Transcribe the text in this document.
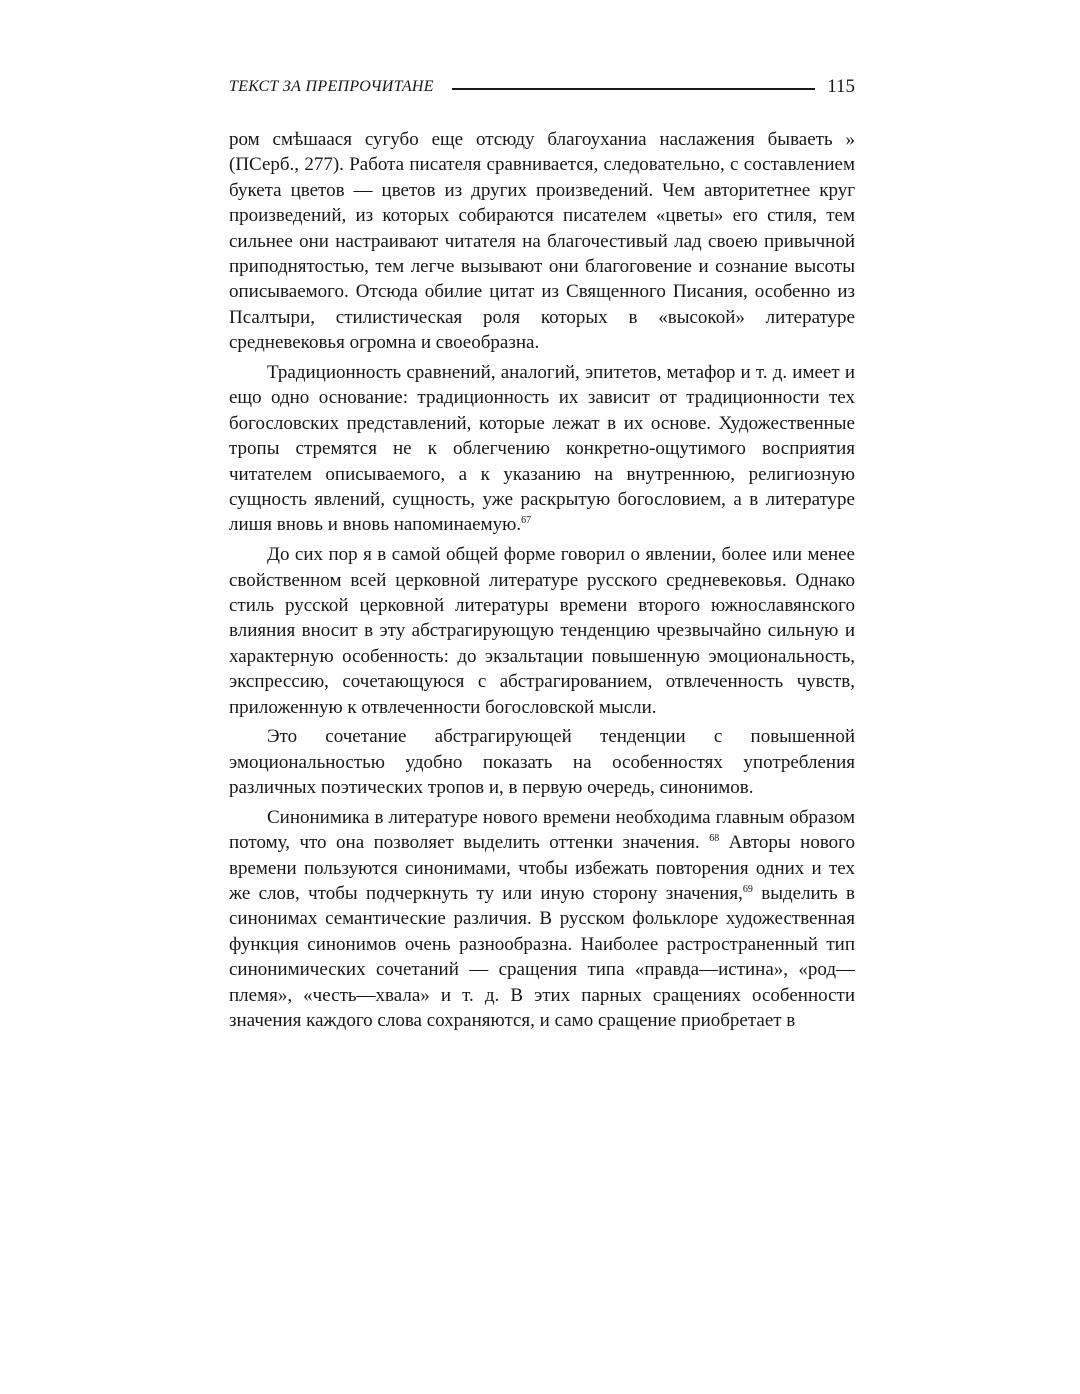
ТЕКСТ ЗА ПРЕПРОЧИТАНЕ	115

ром смѣшаася сугубо еще отсюду благоуханиа наслажения бываеть » (ПСерб., 277). Работа писателя сравнивается, следовательно, с составлением букета цветов — цветов из других произведений. Чем авторитетнее круг произведений, из которых собираются писателем «цветы» его стиля, тем сильнее они настраивают читателя на благочестивый лад своею привычной приподнятостью, тем легче вызывают они благоговение и сознание высоты описываемого. Отсюда обилие цитат из Священного Писания, особенно из Псалтыри, стилистическая роля которых в «высокой» литературе средневековья огромна и своеобразна.

Традиционность сравнений, аналогий, эпитетов, метафор и т. д. имеет и ещо одно основание: традиционность их зависит от традиционности тех богословских представлений, которые лежат в их основе. Художественные тропы стремятся не к облегчению конкретно-ощутимого восприятия читателем описываемого, а к указанию на внутреннюю, религиозную сущность явлений, сущность, уже раскрытую богословием, а в литературе лишя вновь и вновь напоминаемую.$^{67}$

До сих пор я в самой общей форме говорил о явлении, более или менее свойственном всей церковной литературе русского средневековья. Однако стиль русской церковной литературы времени второго южнославянского влияния вносит в эту абстрагирующую тенденцию чрезвычайно сильную и характерную особенность: до экзальтации повышенную эмоциональность, экспрессию, сочетающуюся с абстрагированием, отвлеченность чувств, приложенную к отвлеченности богословской мысли.

Это сочетание абстрагирующей тенденции с повышенной эмоциональностью удобно показать на особенностях употребления различных поэтических тропов и, в первую очередь, синонимов.

Синонимика в литературе нового времени необходима главным образом потому, что она позволяет выделить оттенки значения. $^{68}$ Авторы нового времени пользуются синонимами, чтобы избежать повторения одних и тех же слов, чтобы подчеркнуть ту или иную сторону значения,$^{69}$ выделить в синонимах семантические различия. В русском фольклоре художественная функция синонимов очень разнообразна. Наиболее растространенный тип синонимических сочетаний — сращения типа «правда—истина», «род—племя», «честь—хвала» и т. д. В этих парных сращениях особенности значения каждого слова сохраняются, и само сращение приобретает в
